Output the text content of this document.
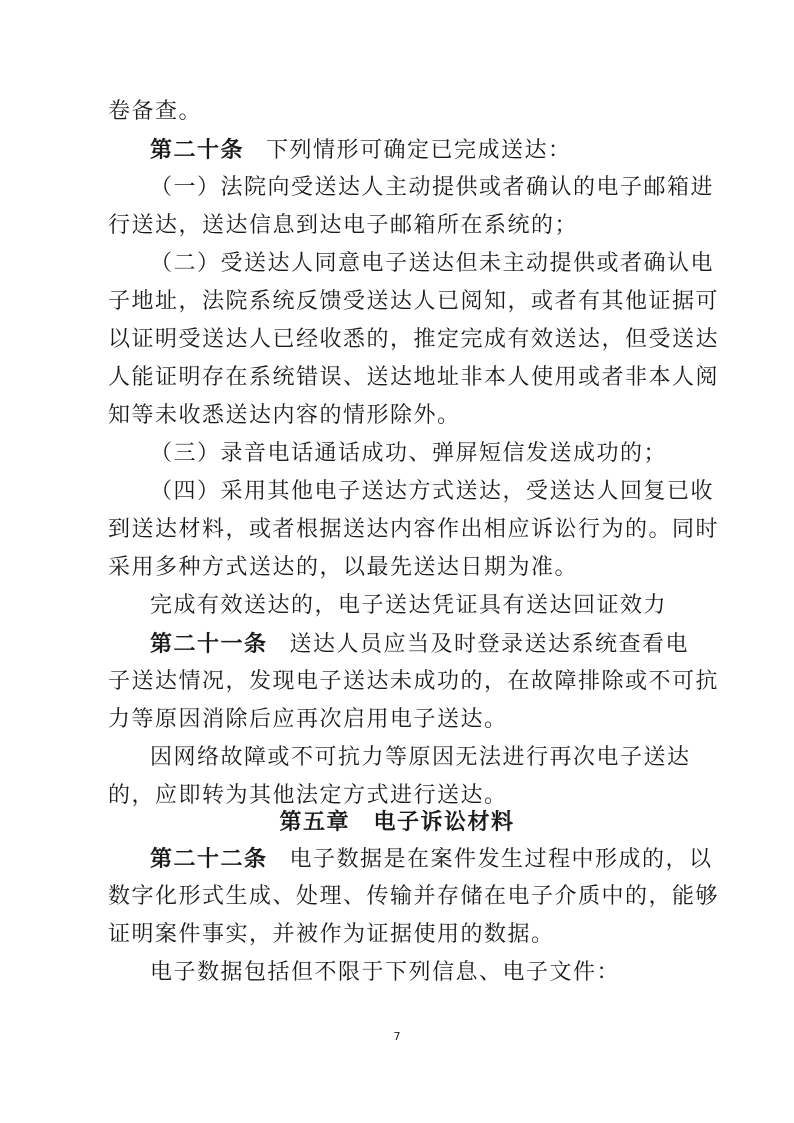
卷备查。
第二十条 下列情形可确定已完成送达：
（一）法院向受送达人主动提供或者确认的电子邮箱进
行送达，送达信息到达电子邮箱所在系统的；
（二）受送达人同意电子送达但未主动提供或者确认电
子地址，法院系统反馈受送达人已阅知，或者有其他证据可
以证明受送达人已经收悉的，推定完成有效送达，但受送达
人能证明存在系统错误、送达地址非本人使用或者非本人阅
知等未收悉送达内容的情形除外。
（三）录音电话通话成功、弹屏短信发送成功的；
（四）采用其他电子送达方式送达，受送达人回复已收
到送达材料，或者根据送达内容作出相应诉讼行为的。同时
采用多种方式送达的，以最先送达日期为准。
完成有效送达的，电子送达凭证具有送达回证效力
第二十一条 送达人员应当及时登录送达系统查看电
子送达情况，发现电子送达未成功的，在故障排除或不可抗
力等原因消除后应再次启用电子送达。
因网络故障或不可抗力等原因无法进行再次电子送达
的，应即转为其他法定方式进行送达。
第五章　电子诉讼材料
第二十二条 电子数据是在案件发生过程中形成的，以
数字化形式生成、处理、传输并存储在电子介质中的，能够
证明案件事实，并被作为证据使用的数据。
电子数据包括但不限于下列信息、电子文件：
7
